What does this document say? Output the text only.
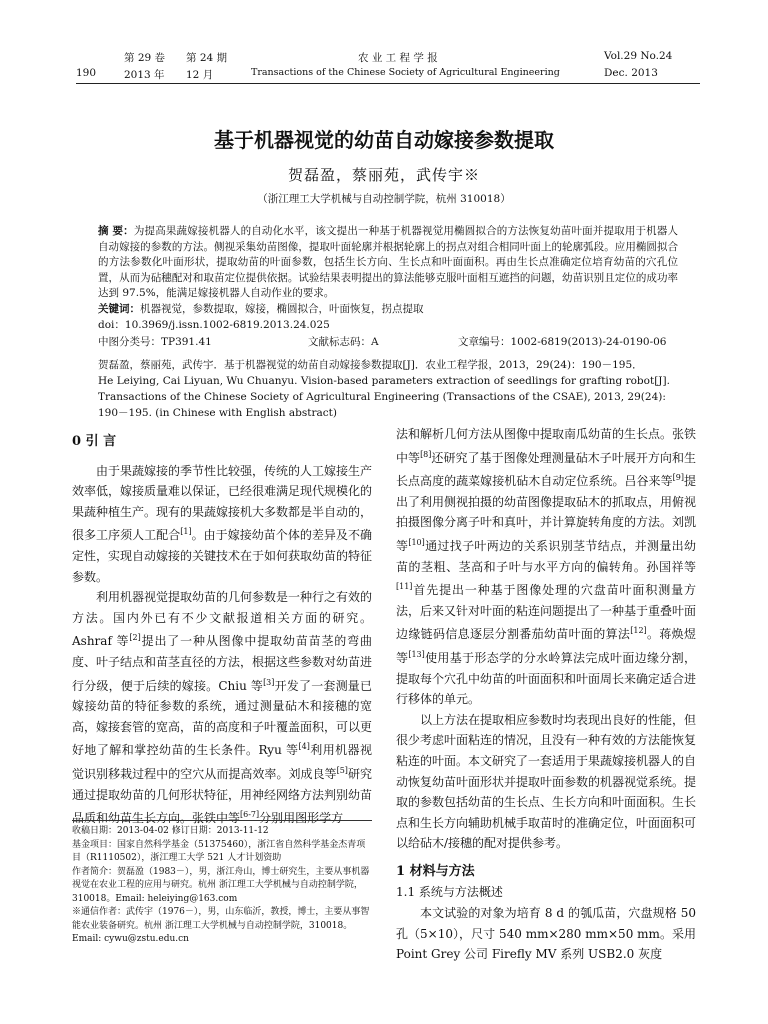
190
第 29 卷 第 24 期
2013 年 12 月
农 业 工 程 学 报
Transactions of the Chinese Society of Agricultural Engineering
Vol.29 No.24
Dec. 2013
基于机器视觉的幼苗自动嫁接参数提取
贺磊盈，蔡丽苑，武传宇※
（浙江理工大学机械与自动控制学院，杭州 310018）
摘 要：为提高果蔬嫁接机器人的自动化水平，该文提出一种基于机器视觉用椭圆拟合的方法恢复幼苗叶面并提取用于机器人自动嫁接的参数的方法。侧视采集幼苗图像，提取叶面轮廓并根据轮廓上的拐点对组合相同叶面上的轮廓弧段。应用椭圆拟合的方法参数化叶面形状，提取幼苗的叶面参数，包括生长方向、生长点和叶面面积。再由生长点准确定位培育幼苗的穴孔位置，从而为砧穗配对和取苗定位提供依据。试验结果表明提出的算法能够克服叶面相互遮挡的问题，幼苗识别且定位的成功率达到 97.5%，能满足嫁接机器人自动作业的要求。
关键词：机器视觉，参数提取，嫁接，椭圆拟合，叶面恢复，拐点提取
doi：10.3969/j.issn.1002-6819.2013.24.025
中图分类号：TP391.41	文献标志码：A	文章编号：1002-6819(2013)-24-0190-06
贺磊盈，蔡丽苑，武传宇．基于机器视觉的幼苗自动嫁接参数提取[J]．农业工程学报，2013，29(24)：190－195．
He Leiying, Cai Liyuan, Wu Chuanyu. Vision-based parameters extraction of seedlings for grafting robot[J]. Transactions of the Chinese Society of Agricultural Engineering (Transactions of the CSAE), 2013, 29(24): 190－195. (in Chinese with English abstract)

0 引 言

由于果蔬嫁接的季节性比较强，传统的人工嫁接生产效率低，嫁接质量难以保证，已经很难满足现代规模化的果蔬种植生产。现有的果蔬嫁接机大多数都是半自动的，很多工序须人工配合[1]。由于嫁接幼苗个体的差异及不确定性，实现自动嫁接的关键技术在于如何获取幼苗的特征参数。

利用机器视觉提取幼苗的几何参数是一种行之有效的方法。国内外已有不少文献报道相关方面的研究。Ashraf 等[2]提出了一种从图像中提取幼苗苗茎的弯曲度、叶子结点和苗茎直径的方法，根据这些参数对幼苗进行分级，便于后续的嫁接。Chiu 等[3]开发了一套测量已嫁接幼苗的特征参数的系统，通过测量砧木和接穗的宽高，嫁接套管的宽高，苗的高度和子叶覆盖面积，可以更好地了解和掌控幼苗的生长条件。Ryu 等[4]利用机器视觉识别移栽过程中的空穴从而提高效率。刘成良等[5]研究通过提取幼苗的几何形状特征，用神经网络方法判别幼苗品质和幼苗生长方向。张铁中等[6-7]分别用图形学方

法和解析几何方法从图像中提取南瓜幼苗的生长点。张铁中等[8]还研究了基于图像处理测量砧木子叶展开方向和生长点高度的蔬菜嫁接机砧木自动定位系统。吕谷来等[9]提出了利用侧视拍摄的幼苗图像提取砧木的抓取点，用俯视拍摄图像分离子叶和真叶，并计算旋转角度的方法。刘凯等[10]通过找子叶两边的关系识别茎节结点，并测量出幼苗的茎粗、茎高和子叶与水平方向的偏转角。孙国祥等[11]首先提出一种基于图像处理的穴盘苗叶面积测量方法，后来又针对叶面的粘连问题提出了一种基于重叠叶面边缘链码信息逐层分割番茄幼苗叶面的算法[12]。蒋焕煜等[13]使用基于形态学的分水岭算法完成叶面边缘分割，提取每个穴孔中幼苗的叶面面积和叶面周长来确定适合进行移体的单元。

以上方法在提取相应参数时均表现出良好的性能，但很少考虑叶面粘连的情况，且没有一种有效的方法能恢复粘连的叶面。本文研究了一套适用于果蔬嫁接机器人的自动恢复幼苗叶面形状并提取叶面参数的机器视觉系统。提取的参数包括幼苗的生长点、生长方向和叶面面积。生长点和生长方向辅助机械手取苗时的准确定位，叶面面积可以给砧木/接穗的配对提供参考。

1 材料与方法

1.1 系统与方法概述

本文试验的对象为培育 8 d 的瓠瓜苗，穴盘规格 50 孔（5×10），尺寸 540 mm×280 mm×50 mm。采用 Point Grey 公司 Firefly MV 系列 USB2.0 灰度

收稿日期：2013-04-02 修订日期：2013-11-12
基金项目：国家自然科学基金（51375460），浙江省自然科学基金杰青项目（R1110502），浙江理工大学 521 人才计划资助
作者简介：贺磊盈（1983－），男，浙江舟山，博士研究生，主要从事机器视觉在农业工程的应用与研究。杭州 浙江理工大学机械与自动控制学院，310018。Email: heleiying@163.com
※通信作者：武传宇（1976－），男，山东临沂，教授，博士，主要从事智能农业装备研究。杭州 浙江理工大学机械与自动控制学院，310018。Email: cywu@zstu.edu.cn
